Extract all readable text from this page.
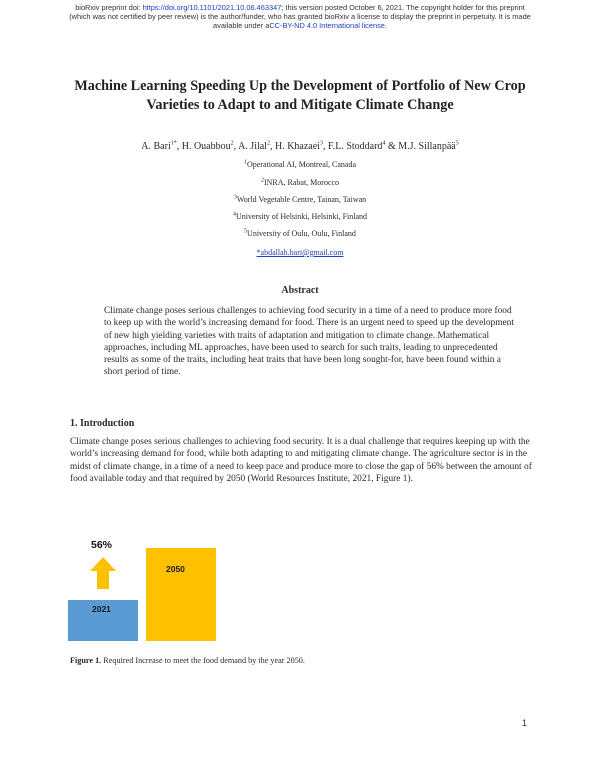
bioRxiv preprint doi: https://doi.org/10.1101/2021.10.06.463347; this version posted October 6, 2021. The copyright holder for this preprint
(which was not certified by peer review) is the author/funder, who has granted bioRxiv a license to display the preprint in perpetuity. It is made
available under aCC-BY-ND 4.0 International license.
Machine Learning Speeding Up the Development of Portfolio of New Crop
Varieties to Adapt to and Mitigate Climate Change
A. Bari$^{1*}$, H. Ouabbou$^2$, A. Jilal$^2$, H. Khazaei$^3$, F.L. Stoddard$^4$ & M.J. Sillanpää$^5$
$^1$Operational AI, Montreal, Canada
$^2$INRA, Rabat, Morocco
$^3$World Vegetable Centre, Tainan, Taiwan
$^4$University of Helsinki, Helsinki, Finland
$^5$University of Oulu, Oulu, Finland
*abdallah.bari@gmail.com
Abstract
Climate change poses serious challenges to achieving food security in a time of a need to produce more food to keep up with the world’s increasing demand for food. There is an urgent need to speed up the development of new high yielding varieties with traits of adaptation and mitigation to climate change. Mathematical approaches, including ML approaches, have been used to search for such traits, leading to unprecedented results as some of the traits, including heat traits that have been long sought-for, have been found within a short period of time.
1. Introduction
Climate change poses serious challenges to achieving food security. It is a dual challenge that requires keeping up with the world’s increasing demand for food, while both adapting to and mitigating climate change. The agriculture sector is in the midst of climate change, in a time of a need to keep pace and produce more to close the gap of 56% between the amount of food available today and that required by 2050 (World Resources Institute, 2021, Figure 1).
2021
2050
56%
Figure 1. Required Increase to meet the food demand by the year 2050.
1
